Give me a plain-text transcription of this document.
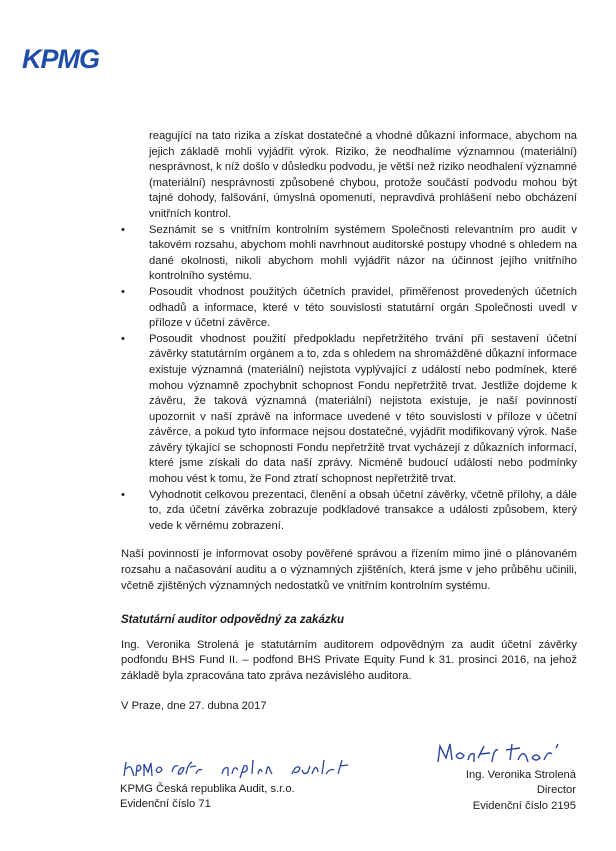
KPMG
reagující na tato rizika a získat dostatečné a vhodné důkazní informace, abychom na jejich základě mohli vyjádřit výrok. Riziko, že neodhalíme významnou (materiální) nesprávnost, k níž došlo v důsledku podvodu, je větší než riziko neodhalení významné (materiální) nesprávnosti způsobené chybou, protože součástí podvodu mohou být tajné dohody, falšování, úmyslná opomenutí, nepravdivá prohlášení nebo obcházení vnitřních kontrol.
•
Seznámit se s vnitřním kontrolním systémem Společnosti relevantním pro audit v takovém rozsahu, abychom mohli navrhnout auditorské postupy vhodné s ohledem na dané okolnosti, nikoli abychom mohli vyjádřit názor na účinnost jejího vnitřního kontrolního systému.
•
Posoudit vhodnost použitých účetních pravidel, přiměřenost provedených účetních odhadů a informace, které v této souvislosti statutární orgán Společnosti uvedl v příloze v účetní závěrce.
•
Posoudit vhodnost použití předpokladu nepřetržitého trvání při sestavení účetní závěrky statutárním orgánem a to, zda s ohledem na shromážděné důkazní informace existuje významná (materiální) nejistota vyplývající z událostí nebo podmínek, které mohou významně zpochybnit schopnost Fondu nepřetržitě trvat. Jestliže dojdeme k závěru, že taková významná (materiální) nejistota existuje, je naší povinností upozornit v naší zprávě na informace uvedené v této souvislosti v příloze v účetní závěrce, a pokud tyto informace nejsou dostatečné, vyjádřit modifikovaný výrok. Naše závěry týkající se schopnosti Fondu nepřetržitě trvat vycházejí z důkazních informací, které jsme získali do data naší zprávy. Nicméně budoucí události nebo podmínky mohou vést k tomu, že Fond ztratí schopnost nepřetržitě trvat.
•
Vyhodnotit celkovou prezentaci, členění a obsah účetní závěrky, včetně přílohy, a dále to, zda účetní závěrka zobrazuje podkladové transakce a události způsobem, který vede k věrnému zobrazení.
Naší povinností je informovat osoby pověřené správou a řízením mimo jiné o plánovaném rozsahu a načasování auditu a o významných zjištěních, která jsme v jeho průběhu učinili, včetně zjištěných významných nedostatků ve vnitřním kontrolním systému.
Statutární auditor odpovědný za zakázku
Ing. Veronika Strolená je statutárním auditorem odpovědným za audit účetní závěrky podfondu BHS Fund II. – podfond BHS Private Equity Fund k 31. prosinci 2016, na jehož základě byla zpracována tato zpráva nezávislého auditora.
V Praze, dne 27. dubna 2017
KPMG Česká republika Audit, s.r.o.
Evidenční číslo 71
Ing. Veronika Strolená
Director
Evidenční číslo 2195
